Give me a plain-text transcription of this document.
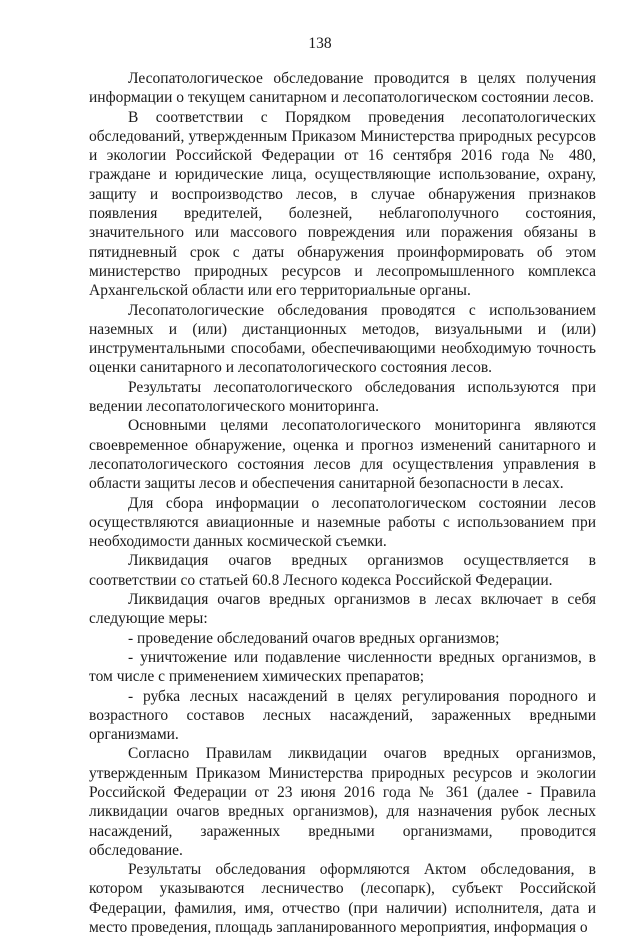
138

Лесопатологическое обследование проводится в целях получения информации о текущем санитарном и лесопатологическом состоянии лесов.

В соответствии с Порядком проведения лесопатологических обследований, утвержденным Приказом Министерства природных ресурсов и экологии Российской Федерации от 16 сентября 2016 года № 480, граждане и юридические лица, осуществляющие использование, охрану, защиту и воспроизводство лесов, в случае обнаружения признаков появления вредителей, болезней, неблагополучного состояния, значительного или массового повреждения или поражения обязаны в пятидневный срок с даты обнаружения проинформировать об этом министерство природных ресурсов и лесопромышленного комплекса Архангельской области или его территориальные органы.

Лесопатологические обследования проводятся с использованием наземных и (или) дистанционных методов, визуальными и (или) инструментальными способами, обеспечивающими необходимую точность оценки санитарного и лесопатологического состояния лесов.

Результаты лесопатологического обследования используются при ведении лесопатологического мониторинга.

Основными целями лесопатологического мониторинга являются своевременное обнаружение, оценка и прогноз изменений санитарного и лесопатологического состояния лесов для осуществления управления в области защиты лесов и обеспечения санитарной безопасности в лесах.

Для сбора информации о лесопатологическом состоянии лесов осуществляются авиационные и наземные работы с использованием при необходимости данных космической съемки.

Ликвидация очагов вредных организмов осуществляется в соответствии со статьей 60.8 Лесного кодекса Российской Федерации.

Ликвидация очагов вредных организмов в лесах включает в себя следующие меры:

- проведение обследований очагов вредных организмов;

- уничтожение или подавление численности вредных организмов, в том числе с применением химических препаратов;

- рубка лесных насаждений в целях регулирования породного и возрастного составов лесных насаждений, зараженных вредными организмами.

Согласно Правилам ликвидации очагов вредных организмов, утвержденным Приказом Министерства природных ресурсов и экологии Российской Федерации от 23 июня 2016 года № 361 (далее - Правила ликвидации очагов вредных организмов), для назначения рубок лесных насаждений, зараженных вредными организмами, проводится обследование.

Результаты обследования оформляются Актом обследования, в котором указываются лесничество (лесопарк), субъект Российской Федерации, фамилия, имя, отчество (при наличии) исполнителя, дата и место проведения, площадь запланированного мероприятия, информация о
